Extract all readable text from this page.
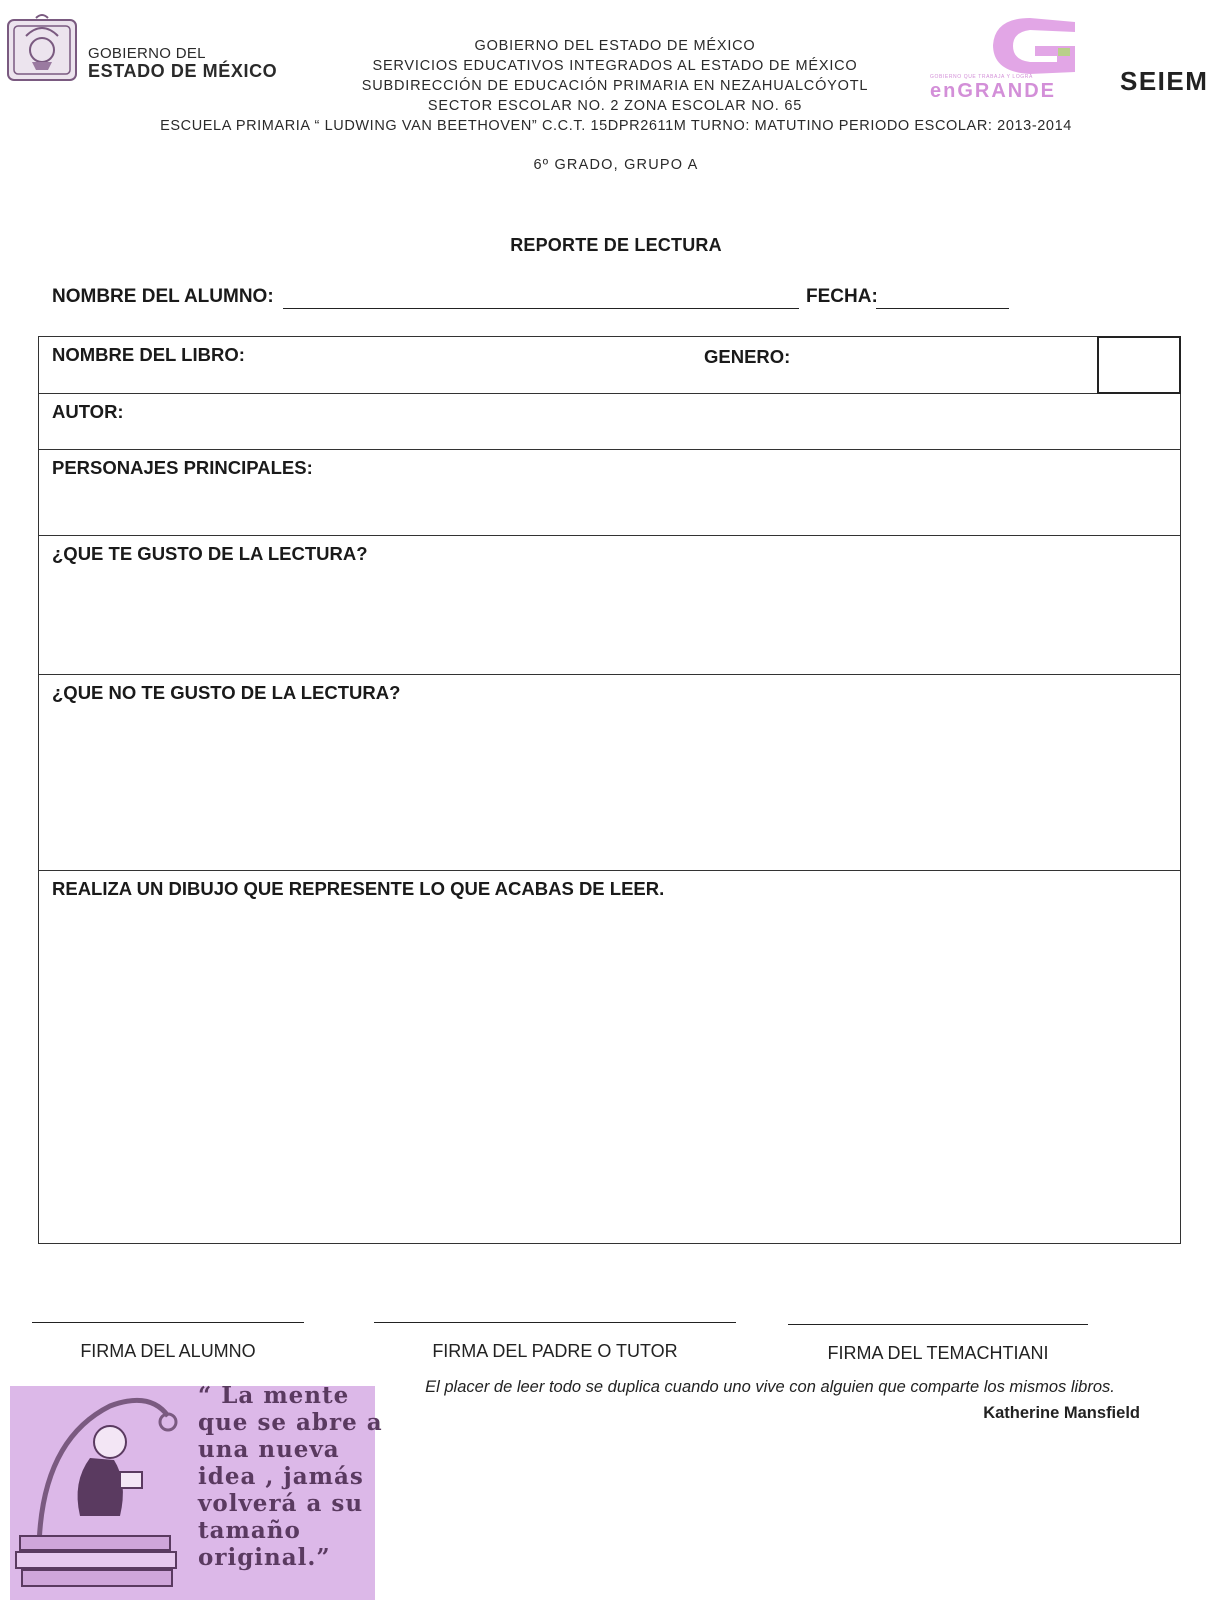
GOBIERNO DEL
ESTADO DE MÉXICO
GOBIERNO DEL ESTADO DE MÉXICO
SERVICIOS EDUCATIVOS INTEGRADOS AL ESTADO DE MÉXICO
SUBDIRECCIÓN DE EDUCACIÓN PRIMARIA EN NEZAHUALCÓYOTL
SECTOR ESCOLAR NO. 2 ZONA ESCOLAR NO. 65
ESCUELA PRIMARIA “ LUDWING VAN BEETHOVEN” C.C.T. 15DPR2611M TURNO: MATUTINO PERIODO ESCOLAR: 2013-2014
6º GRADO, GRUPO A
GOBIERNO QUE TRABAJA Y LOGRA
enGRANDE SEIEM
REPORTE DE LECTURA
NOMBRE DEL ALUMNO:	FECHA:
NOMBRE DEL LIBRO:	GENERO:
AUTOR:
PERSONAJES PRINCIPALES:
¿QUE TE GUSTO DE LA LECTURA?
¿QUE NO TE GUSTO DE LA LECTURA?
REALIZA UN DIBUJO QUE REPRESENTE LO QUE ACABAS DE LEER.
FIRMA DEL ALUMNO	FIRMA DEL PADRE O TUTOR	FIRMA DEL TEMACHTIANI
“ La mente
que se abre a
una nueva
idea , jamás
volverá a su
tamaño
original.”
El placer de leer todo se duplica cuando uno vive con alguien que comparte los mismos libros.
Katherine Mansfield
